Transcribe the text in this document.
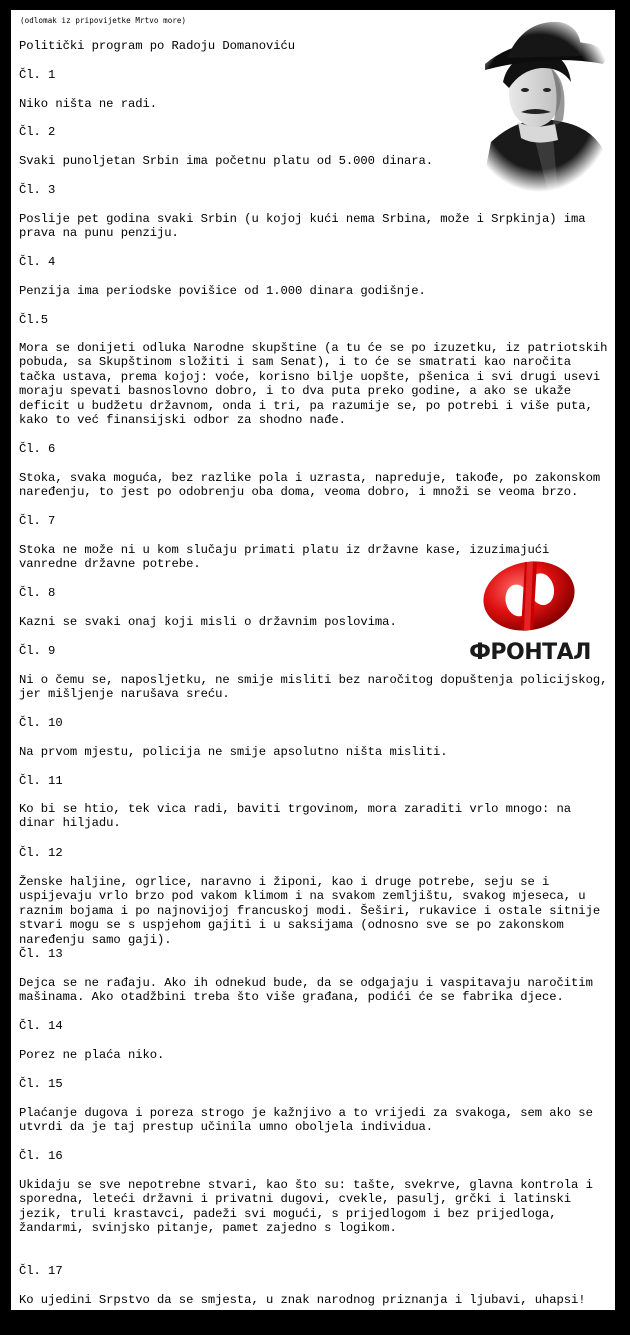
(odlomak iz pripovijetke Mrtvo more)

Politički program po Radoju Domanoviću

Čl. 1

Niko ništa ne radi.

Čl. 2

Svaki punoljetan Srbin ima početnu platu od 5.000 dinara.

Čl. 3

Poslije pet godina svaki Srbin (u kojoj kući nema Srbina, može i Srpkinja) ima prava na punu penziju.

Čl. 4

Penzija ima periodske povišice od 1.000 dinara godišnje.

Čl.5

Mora se donijeti odluka Narodne skupštine (a tu će se po izuzetku, iz patriotskih pobuda, sa Skupštinom složiti i sam Senat), i to će se smatrati kao naročita tačka ustava, prema kojoj: voće, korisno bilje uopšte, pšenica i svi drugi usevi moraju spevati basnoslovno dobro, i to dva puta preko godine, a ako se ukaže deficit u budžetu državnom, onda i tri, pa razumije se, po potrebi i više puta, kako to već finansijski odbor za shodno nađe.

Čl. 6

Stoka, svaka moguća, bez razlike pola i uzrasta, napreduje, takođe, po zakonskom naređenju, to jest po odobrenju oba doma, veoma dobro, i množi se veoma brzo.

Čl. 7

Stoka ne može ni u kom slučaju primati platu iz državne kase, izuzimajući vanredne državne potrebe.

Čl. 8

Kazni se svaki onaj koji misli o državnim poslovima.

Čl. 9

Ni o čemu se, naposljetku, ne smije misliti bez naročitog dopuštenja policijskog, jer mišljenje narušava sreću.

Čl. 10

Na prvom mjestu, policija ne smije apsolutno ništa misliti.

Čl. 11

Ko bi se htio, tek vica radi, baviti trgovinom, mora zaraditi vrlo mnogo: na dinar hiljadu.

Čl. 12

Ženske haljine, ogrlice, naravno i žiponi, kao i druge potrebe, seju se i uspijevaju vrlo brzo pod vakom klimom i na svakom zemljištu, svakog mjeseca, u raznim bojama i po najnovijoj francuskoj modi. Šeširi, rukavice i ostale sitnije stvari mogu se s uspjehom gajiti i u saksijama (odnosno sve se po zakonskom naređenju samo gaji).

Čl. 13

Dejca se ne rađaju. Ako ih odnekud bude, da se odgajaju i vaspitavaju naročitim mašinama. Ako otadžbini treba što više građana, podići će se fabrika djece.

Čl. 14

Porez ne plaća niko.

Čl. 15

Plaćanje dugova i poreza strogo je kažnjivo a to vrijedi za svakoga, sem ako se utvrdi da je taj prestup učinila umno oboljela individua.

Čl. 16

Ukidaju se sve nepotrebne stvari, kao što su: tašte, svekrve, glavna kontrola i sporedna, leteći državni i privatni dugovi, cvekle, pasulj, grčki i latinski jezik, truli krastavci, padeži svi mogući, s prijedlogom i bez prijedloga, žandarmi, svinjsko pitanje, pamet zajedno s logikom.

Čl. 17

Ko ujedini Srpstvo da se smjesta, u znak narodnog priznanja i ljubavi, uhapsi!

ФРОНТАЛ
